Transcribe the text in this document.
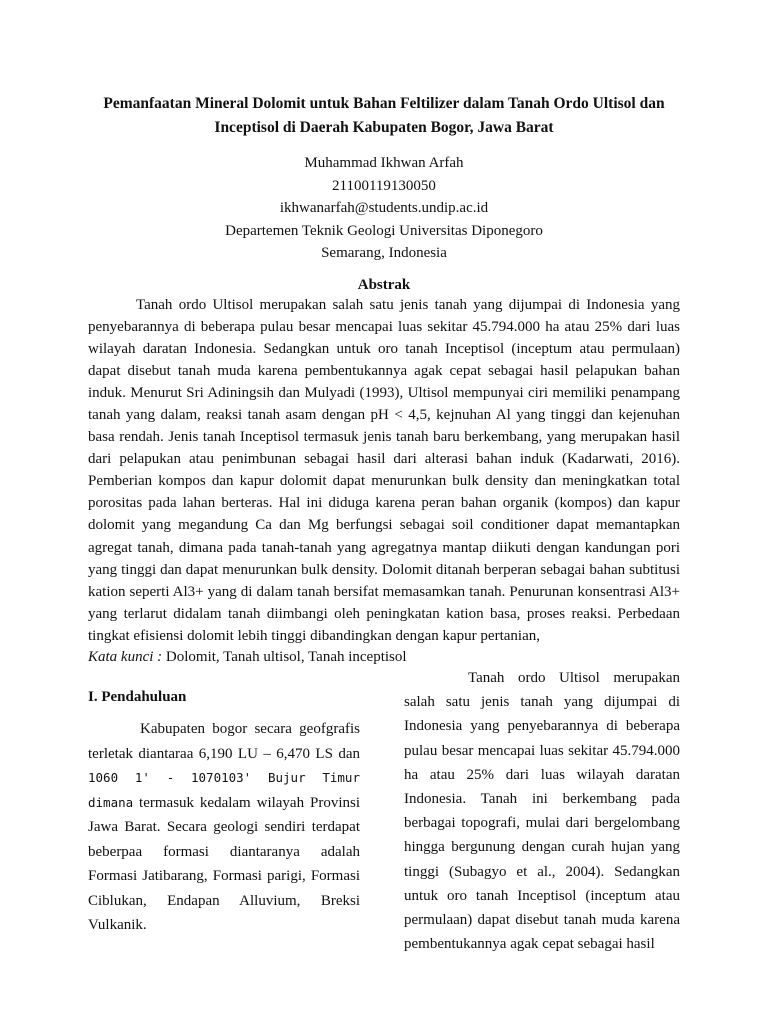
Pemanfaatan Mineral Dolomit untuk Bahan Feltilizer dalam Tanah Ordo Ultisol dan Inceptisol di Daerah Kabupaten Bogor, Jawa Barat
Muhammad Ikhwan Arfah
21100119130050
ikhwanarfah@students.undip.ac.id
Departemen Teknik Geologi Universitas Diponegoro
Semarang, Indonesia
Abstrak

Tanah ordo Ultisol merupakan salah satu jenis tanah yang dijumpai di Indonesia yang penyebarannya di beberapa pulau besar mencapai luas sekitar 45.794.000 ha atau 25% dari luas wilayah daratan Indonesia. Sedangkan untuk oro tanah Inceptisol (inceptum atau permulaan) dapat disebut tanah muda karena pembentukannya agak cepat sebagai hasil pelapukan bahan induk. Menurut Sri Adiningsih dan Mulyadi (1993), Ultisol mempunyai ciri memiliki penampang tanah yang dalam, reaksi tanah asam dengan pH < 4,5, kejnuhan Al yang tinggi dan kejenuhan basa rendah. Jenis tanah Inceptisol termasuk jenis tanah baru berkembang, yang merupakan hasil dari pelapukan atau penimbunan sebagai hasil dari alterasi bahan induk (Kadarwati, 2016). Pemberian kompos dan kapur dolomit dapat menurunkan bulk density dan meningkatkan total porositas pada lahan berteras. Hal ini diduga karena peran bahan organik (kompos) dan kapur dolomit yang megandung Ca dan Mg berfungsi sebagai soil conditioner dapat memantapkan agregat tanah, dimana pada tanah-tanah yang agregatnya mantap diikuti dengan kandungan pori yang tinggi dan dapat menurunkan bulk density. Dolomit ditanah berperan sebagai bahan subtitusi kation seperti Al3+ yang di dalam tanah bersifat memasamkan tanah. Penurunan konsentrasi Al3+ yang terlarut didalam tanah diimbangi oleh peningkatan kation basa, proses reaksi. Perbedaan tingkat efisiensi dolomit lebih tinggi dibandingkan dengan kapur pertanian,

Kata kunci : Dolomit, Tanah ultisol, Tanah inceptisol
I. Pendahuluan

Kabupaten bogor secara geofgrafis terletak diantaraa 6,190 LU – 6,470 LS dan 1060 1' - 1070103' Bujur Timur dimana termasuk kedalam wilayah Provinsi Jawa Barat. Secara geologi sendiri terdapat beberpaa formasi diantaranya adalah Formasi Jatibarang, Formasi parigi, Formasi Ciblukan, Endapan Alluvium, Breksi Vulkanik.

Tanah ordo Ultisol merupakan salah satu jenis tanah yang dijumpai di Indonesia yang penyebarannya di beberapa pulau besar mencapai luas sekitar 45.794.000 ha atau 25% dari luas wilayah daratan Indonesia. Tanah ini berkembang pada berbagai topografi, mulai dari bergelombang hingga bergunung dengan curah hujan yang tinggi (Subagyo et al., 2004). Sedangkan untuk oro tanah Inceptisol (inceptum atau permulaan) dapat disebut tanah muda karena pembentukannya agak cepat sebagai hasil
